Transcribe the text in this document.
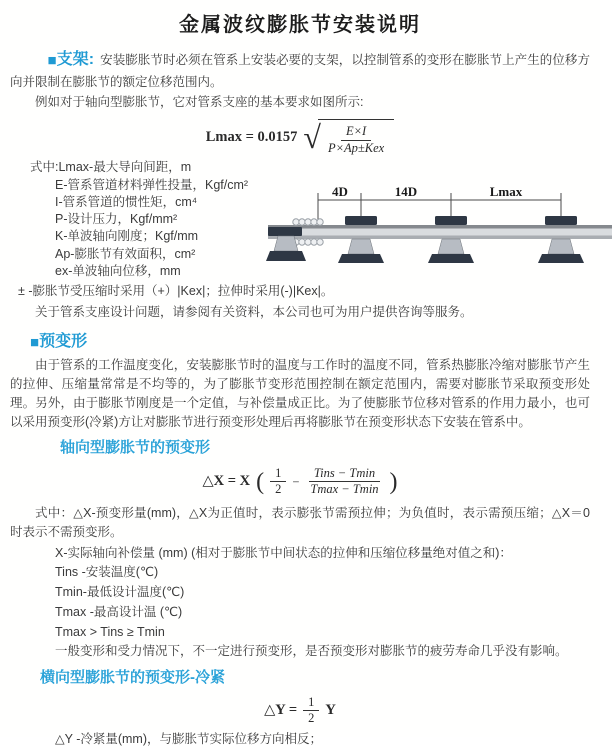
金属波纹膨胀节安装说明

■支架: 安装膨胀节时必须在管系上安装必要的支架，以控制管系的变形在膨胀节上产生的位移方向并限制在膨胀节的额定位移范围内。

例如对于轴向型膨胀节，它对管系支座的基本要求如图所示:

Lmax = 0.0157 √ $\frac{E\times I}{\text{P×Ap±Kex}}$
式中:Lmax-最大导向间距，m
E-管系管道材料弹性投量，Kgf/cm²
I-管系管道的惯性矩，cm⁴
P-设计压力，Kgf/mm²
K-单波轴向刚度；Kgf/mm
Ap-膨胀节有效面积，cm²
ex-单波轴向位移，mm
4D	14D	Lmax

± -膨胀节受压缩时采用（+）|Kex|；拉伸时采用(-)|Kex|。

关于管系支座设计问题，请参阅有关资料，本公司也可为用户提供咨询等服务。

■预变形

由于管系的工作温度变化，安装膨胀节时的温度与工作时的温度不同，管系热膨胀冷缩对膨胀节产生的拉伸、压缩量常常是不均等的，为了膨胀节变形范围控制在额定范围内，需要对膨胀节采取预变形处理。另外，由于膨胀节刚度是一个定值，与补偿量成正比。为了使膨胀节位移对管系的作用力最小，也可以采用预变形(冷紧)方让对膨胀节进行预变形处理后再将膨胀节在预变形状态下安装在管系中。

轴向型膨胀节的预变形
△X = X ( $\frac{1}{2} - \frac{\text{Tins − Tmin}}{Tmax - Tmin}$ )

式中：△X-预变形量(mm)，△X为正值时，表示膨张节需预拉伸；为负值时，表示需预压缩；△X＝0时表示不需预变形。

X-实际轴向补偿量 (mm) (相对于膨胀节中间状态的拉伸和压缩位移量绝对值之和)：

Tins -安装温度(℃)

Tmin-最低设计温度(℃)

Tmax -最高设计温 (℃)

Tmax > Tins ≥ Tmin

一般变形和受力情况下，不一定进行预变形，是否预变形对膨胀节的疲劳寿命几乎没有影响。

横向型膨胀节的预变形-冷紧
△Y = $\frac{1}{2}$ Y

△Y -冷紧量(mm)，与膨胀节实际位移方向相反；
